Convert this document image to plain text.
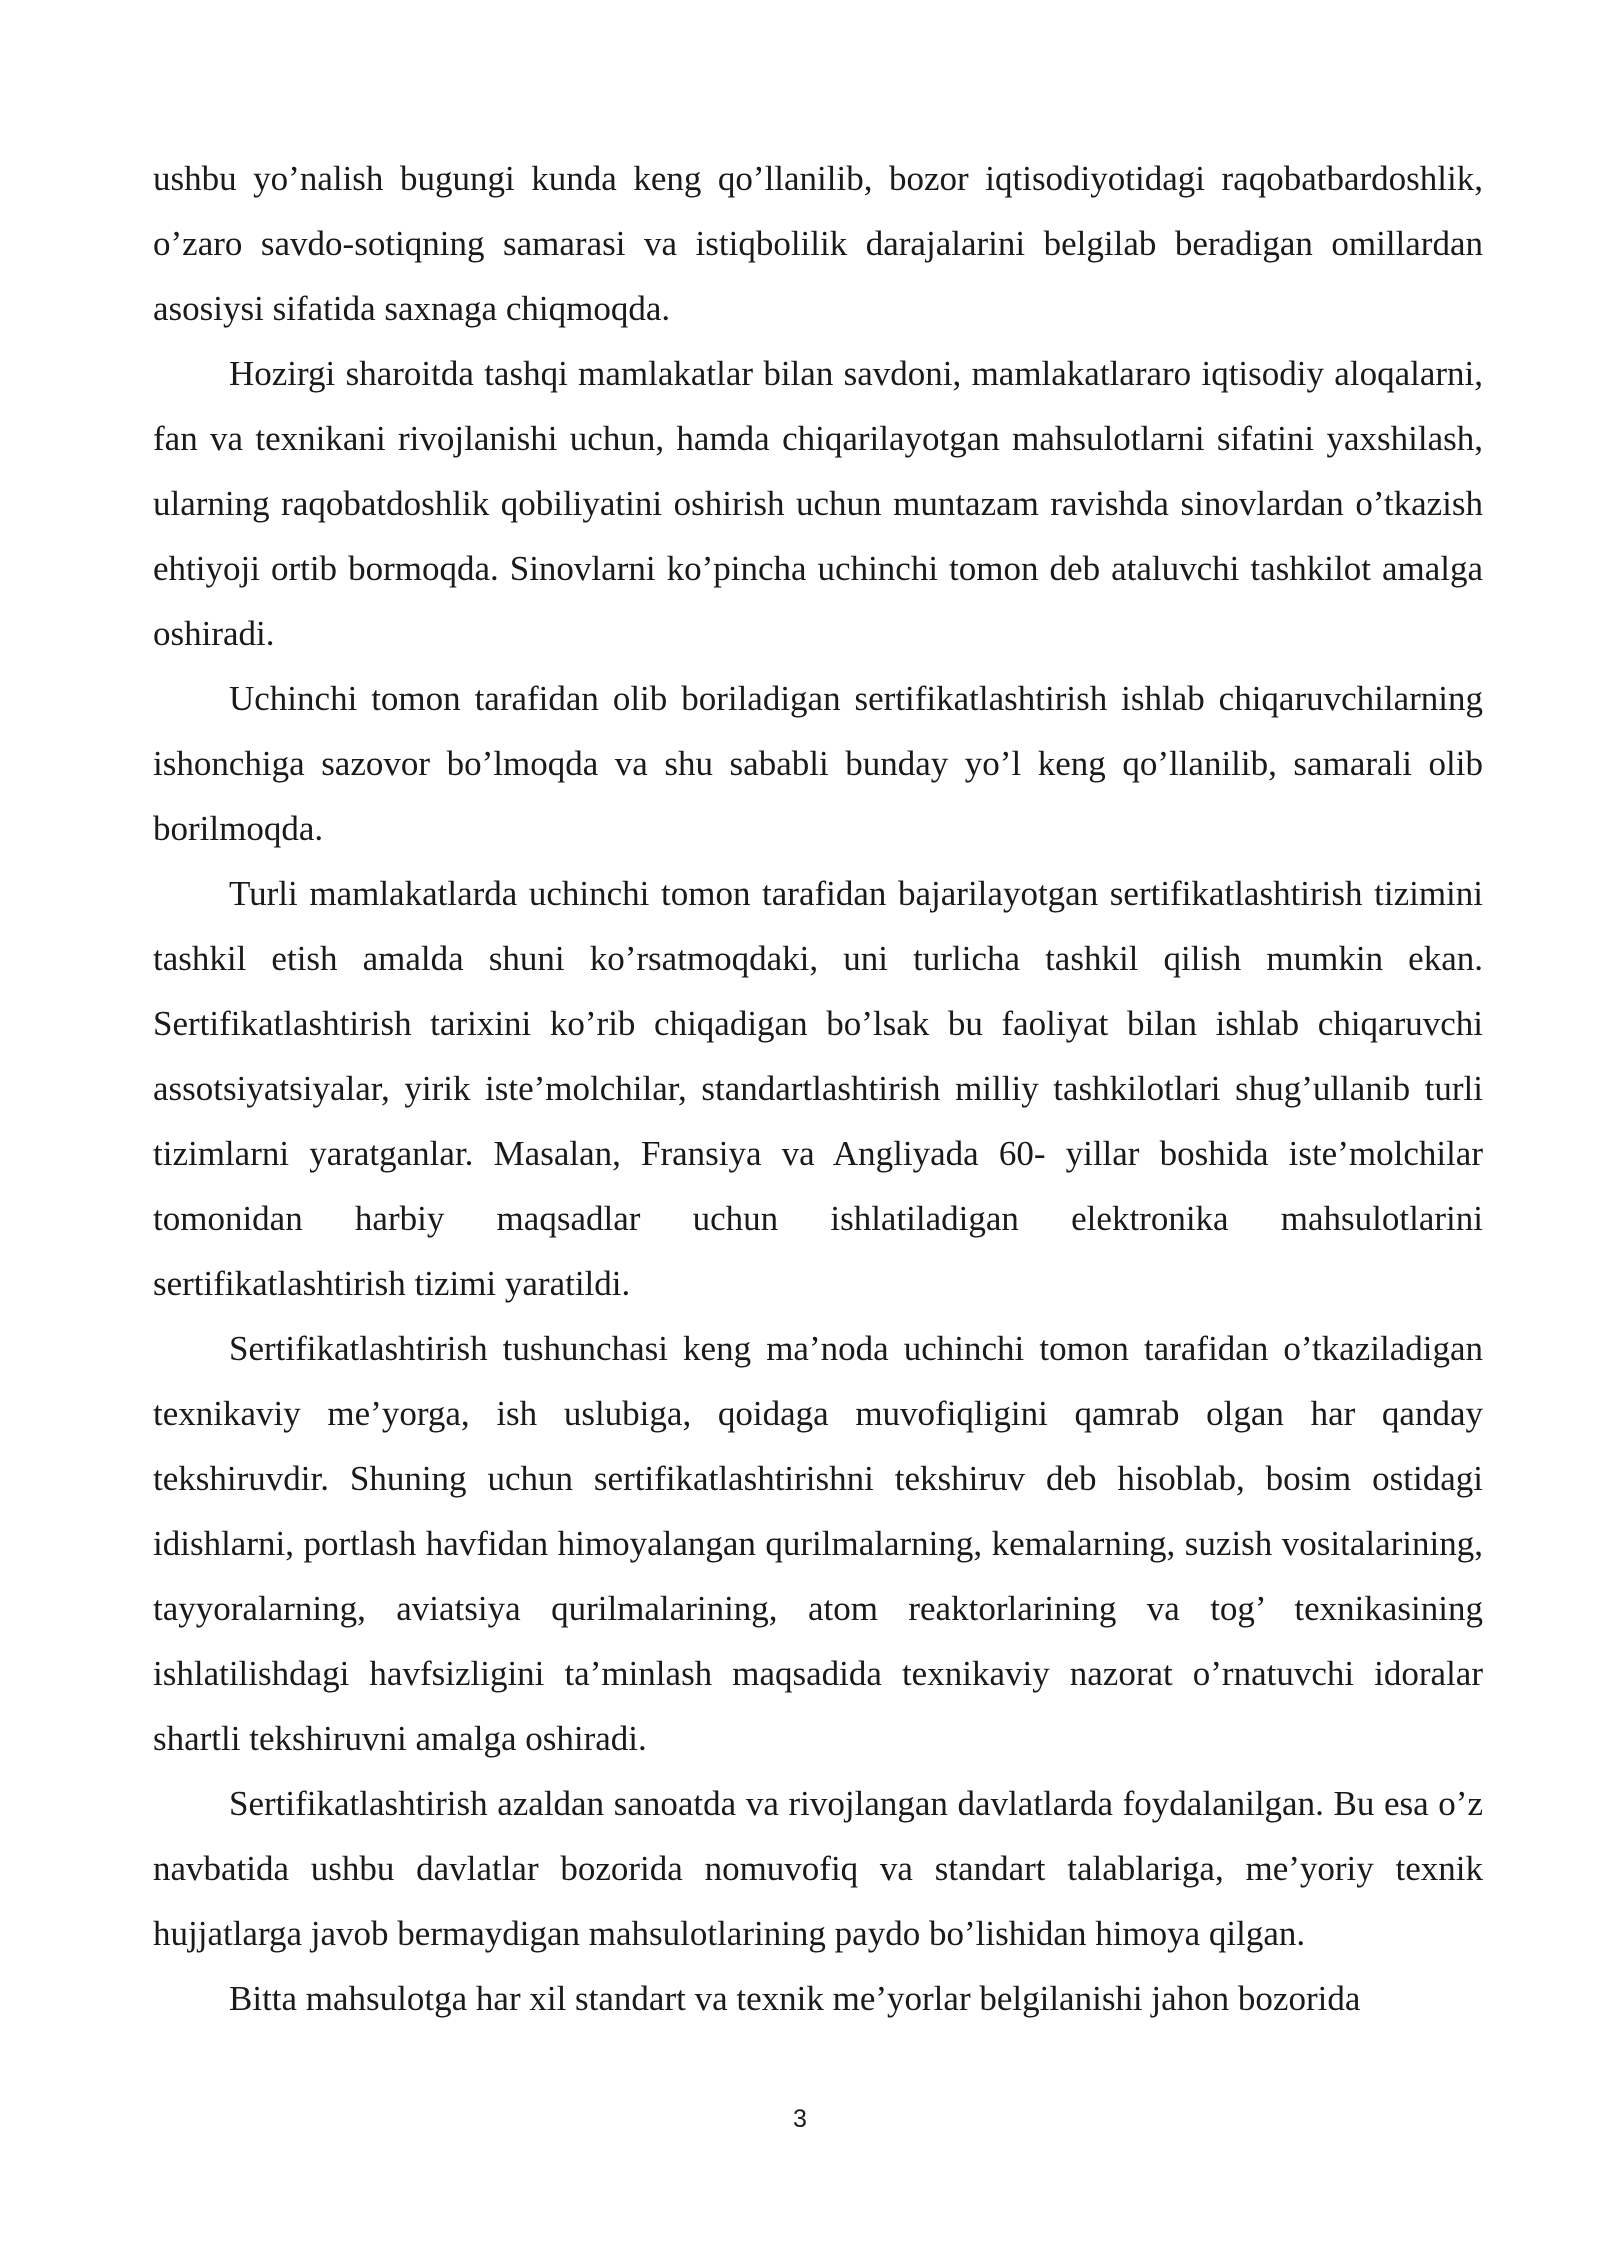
ushbu yo’nalish bugungi kunda keng qo’llanilib, bozor iqtisodiyotidagi raqobatbardoshlik, o’zaro savdo-sotiqning samarasi va istiqbolilik darajalarini belgilab beradigan omillardan asosiysi sifatida saxnaga chiqmoqda.

Hozirgi sharoitda tashqi mamlakatlar bilan savdoni, mamlakatlararo iqtisodiy aloqalarni, fan va texnikani rivojlanishi uchun, hamda chiqarilayotgan mahsulotlarni sifatini yaxshilash, ularning raqobatdoshlik qobiliyatini oshirish uchun muntazam ravishda sinovlardan o’tkazish ehtiyoji ortib bormoqda. Sinovlarni ko’pincha uchinchi tomon deb ataluvchi tashkilot amalga oshiradi.

Uchinchi tomon tarafidan olib boriladigan sertifikatlashtirish ishlab chiqaruvchilarning ishonchiga sazovor bo’lmoqda va shu sababli bunday yo’l keng qo’llanilib, samarali olib borilmoqda.

Turli mamlakatlarda uchinchi tomon tarafidan bajarilayotgan sertifikatlashtirish tizimini tashkil etish amalda shuni ko’rsatmoqdaki, uni turlicha tashkil qilish mumkin ekan. Sertifikatlashtirish tarixini ko’rib chiqadigan bo’lsak bu faoliyat bilan ishlab chiqaruvchi assotsiyatsiyalar, yirik iste’molchilar, standartlashtirish milliy tashkilotlari shug’ullanib turli tizimlarni yaratganlar. Masalan, Fransiya va Angliyada 60- yillar boshida iste’molchilar tomonidan harbiy maqsadlar uchun ishlatiladigan elektronika mahsulotlarini sertifikatlashtirish tizimi yaratildi.

Sertifikatlashtirish tushunchasi keng ma’noda uchinchi tomon tarafidan o’tkaziladigan texnikaviy me’yorga, ish uslubiga, qoidaga muvofiqligini qamrab olgan har qanday tekshiruvdir. Shuning uchun sertifikatlashtirishni tekshiruv deb hisoblab, bosim ostidagi idishlarni, portlash havfidan himoyalangan qurilmalarning, kemalarning, suzish vositalarining, tayyoralarning, aviatsiya qurilmalarining, atom reaktorlarining va tog’ texnikasining ishlatilishdagi havfsizligini ta’minlash maqsadida texnikaviy nazorat o’rnatuvchi idoralar shartli tekshiruvni amalga oshiradi.

Sertifikatlashtirish azaldan sanoatda va rivojlangan davlatlarda foydalanilgan. Bu esa o’z navbatida ushbu davlatlar bozorida nomuvofiq va standart talablariga, me’yoriy texnik hujjatlarga javob bermaydigan mahsulotlarining paydo bo’lishidan himoya qilgan.

Bitta mahsulotga har xil standart va texnik me’yorlar belgilanishi jahon bozorida

3
